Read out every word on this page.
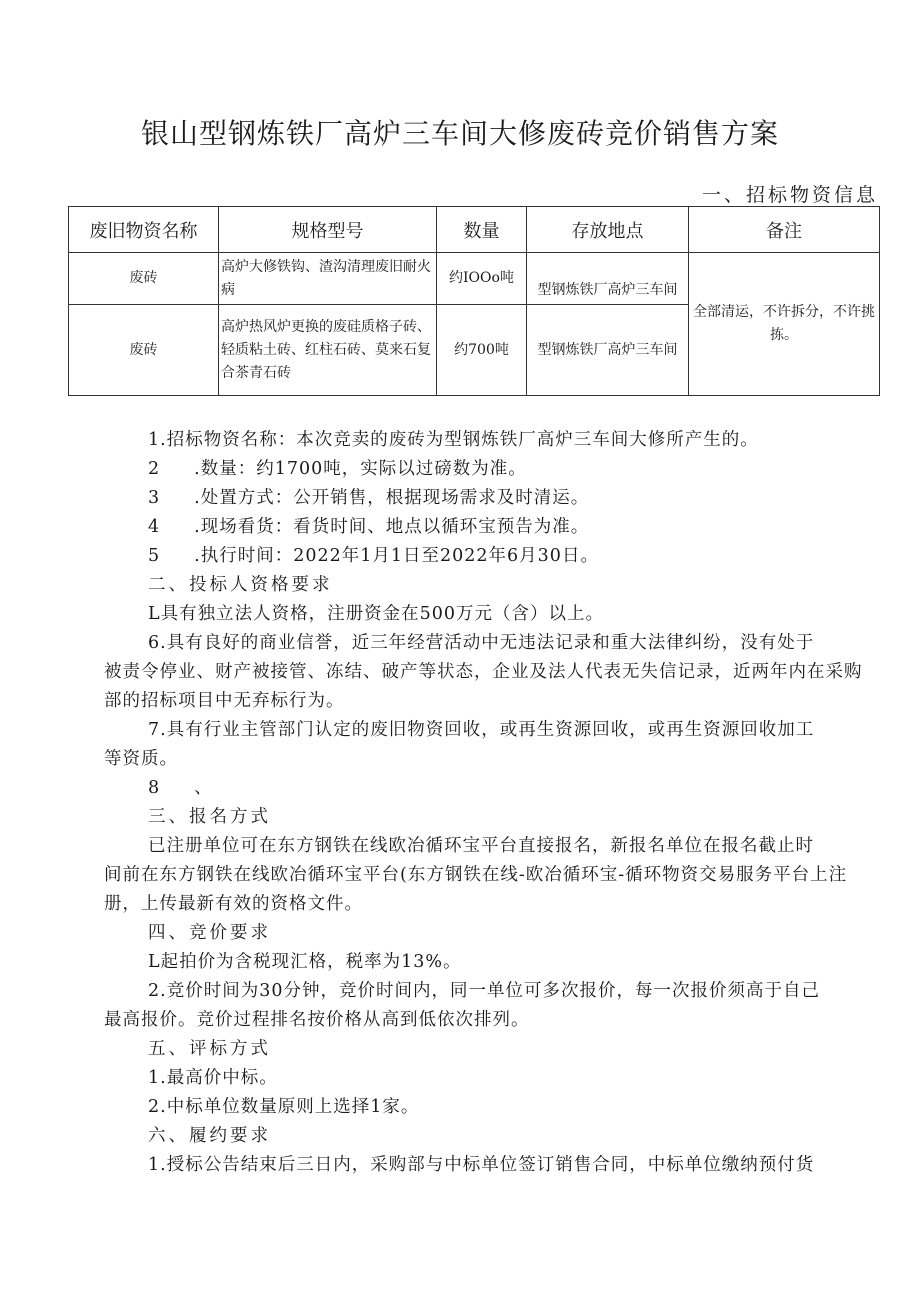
银山型钢炼铁厂高炉三车间大修废砖竞价销售方案
一、招标物资信息
废旧物资名称	规格型号	数量	存放地点	备注
废砖	高炉大修铁钩、渣沟清理废旧耐火病	约IOOo吨	型钢炼铁厂高炉三车间	全部清运，不许拆分，不许挑拣。
废砖	高炉热风炉更换的废硅质格子砖、轻质粘土砖、红柱石砖、莫来石复合茶青石砖	约700吨	型钢炼铁厂高炉三车间	

1.招标物资名称：本次竞卖的废砖为型钢炼铁厂高炉三车间大修所产生的。

2 .数量：约1700吨，实际以过磅数为准。

3 .处置方式：公开销售，根据现场需求及时清运。

4 .现场看货：看货时间、地点以循环宝预告为准。

5 .执行时间：2022年1月1日至2022年6月30日。

二、投标人资格要求

L具有独立法人资格，注册资金在500万元（含）以上。

6.具有良好的商业信誉，近三年经营活动中无违法记录和重大法律纠纷，没有处于

被责令停业、财产被接管、冻结、破产等状态，企业及法人代表无失信记录，近两年内在采购部的招标项目中无弃标行为。

7.具有行业主管部门认定的废旧物资回收，或再生资源回收，或再生资源回收加工

等资质。

8 、

三、报名方式

已注册单位可在东方钢铁在线欧冶循环宝平台直接报名，新报名单位在报名截止时

间前在东方钢铁在线欧冶循环宝平台(东方钢铁在线-欧冶循环宝-循环物资交易服务平台上注册，上传最新有效的资格文件。

四、竞价要求

L起拍价为含税现汇格，税率为13%。

2.竞价时间为30分钟，竞价时间内，同一单位可多次报价，每一次报价须高于自己

最高报价。竞价过程排名按价格从高到低依次排列。

五、评标方式

1.最高价中标。

2.中标单位数量原则上选择1家。

六、履约要求

1.授标公告结束后三日内，采购部与中标单位签订销售合同，中标单位缴纳预付货
